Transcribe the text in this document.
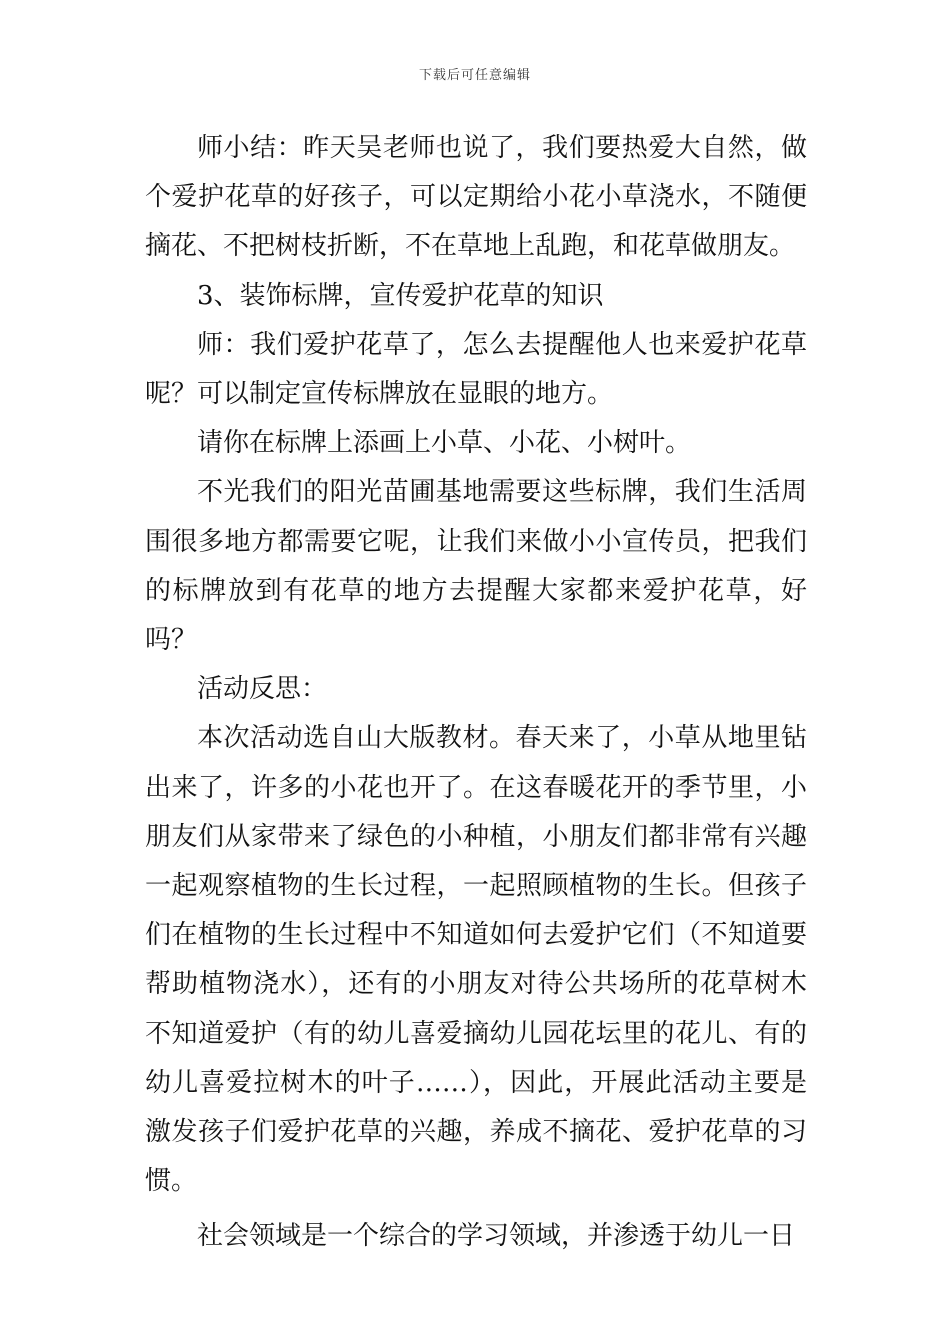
下载后可任意编辑

师小结：昨天吴老师也说了，我们要热爱大自然，做个爱护花草的好孩子，可以定期给小花小草浇水，不随便摘花、不把树枝折断，不在草地上乱跑，和花草做朋友。

3、装饰标牌，宣传爱护花草的知识

师：我们爱护花草了，怎么去提醒他人也来爱护花草呢？可以制定宣传标牌放在显眼的地方。

请你在标牌上添画上小草、小花、小树叶。

不光我们的阳光苗圃基地需要这些标牌，我们生活周围很多地方都需要它呢，让我们来做小小宣传员，把我们的标牌放到有花草的地方去提醒大家都来爱护花草，好吗？

活动反思：

本次活动选自山大版教材。春天来了，小草从地里钻出来了，许多的小花也开了。在这春暖花开的季节里，小朋友们从家带来了绿色的小种植，小朋友们都非常有兴趣一起观察植物的生长过程，一起照顾植物的生长。但孩子们在植物的生长过程中不知道如何去爱护它们（不知道要帮助植物浇水），还有的小朋友对待公共场所的花草树木不知道爱护（有的幼儿喜爱摘幼儿园花坛里的花儿、有的幼儿喜爱拉树木的叶子……），因此，开展此活动主要是激发孩子们爱护花草的兴趣，养成不摘花、爱护花草的习惯。

社会领域是一个综合的学习领域，并渗透于幼儿一日
